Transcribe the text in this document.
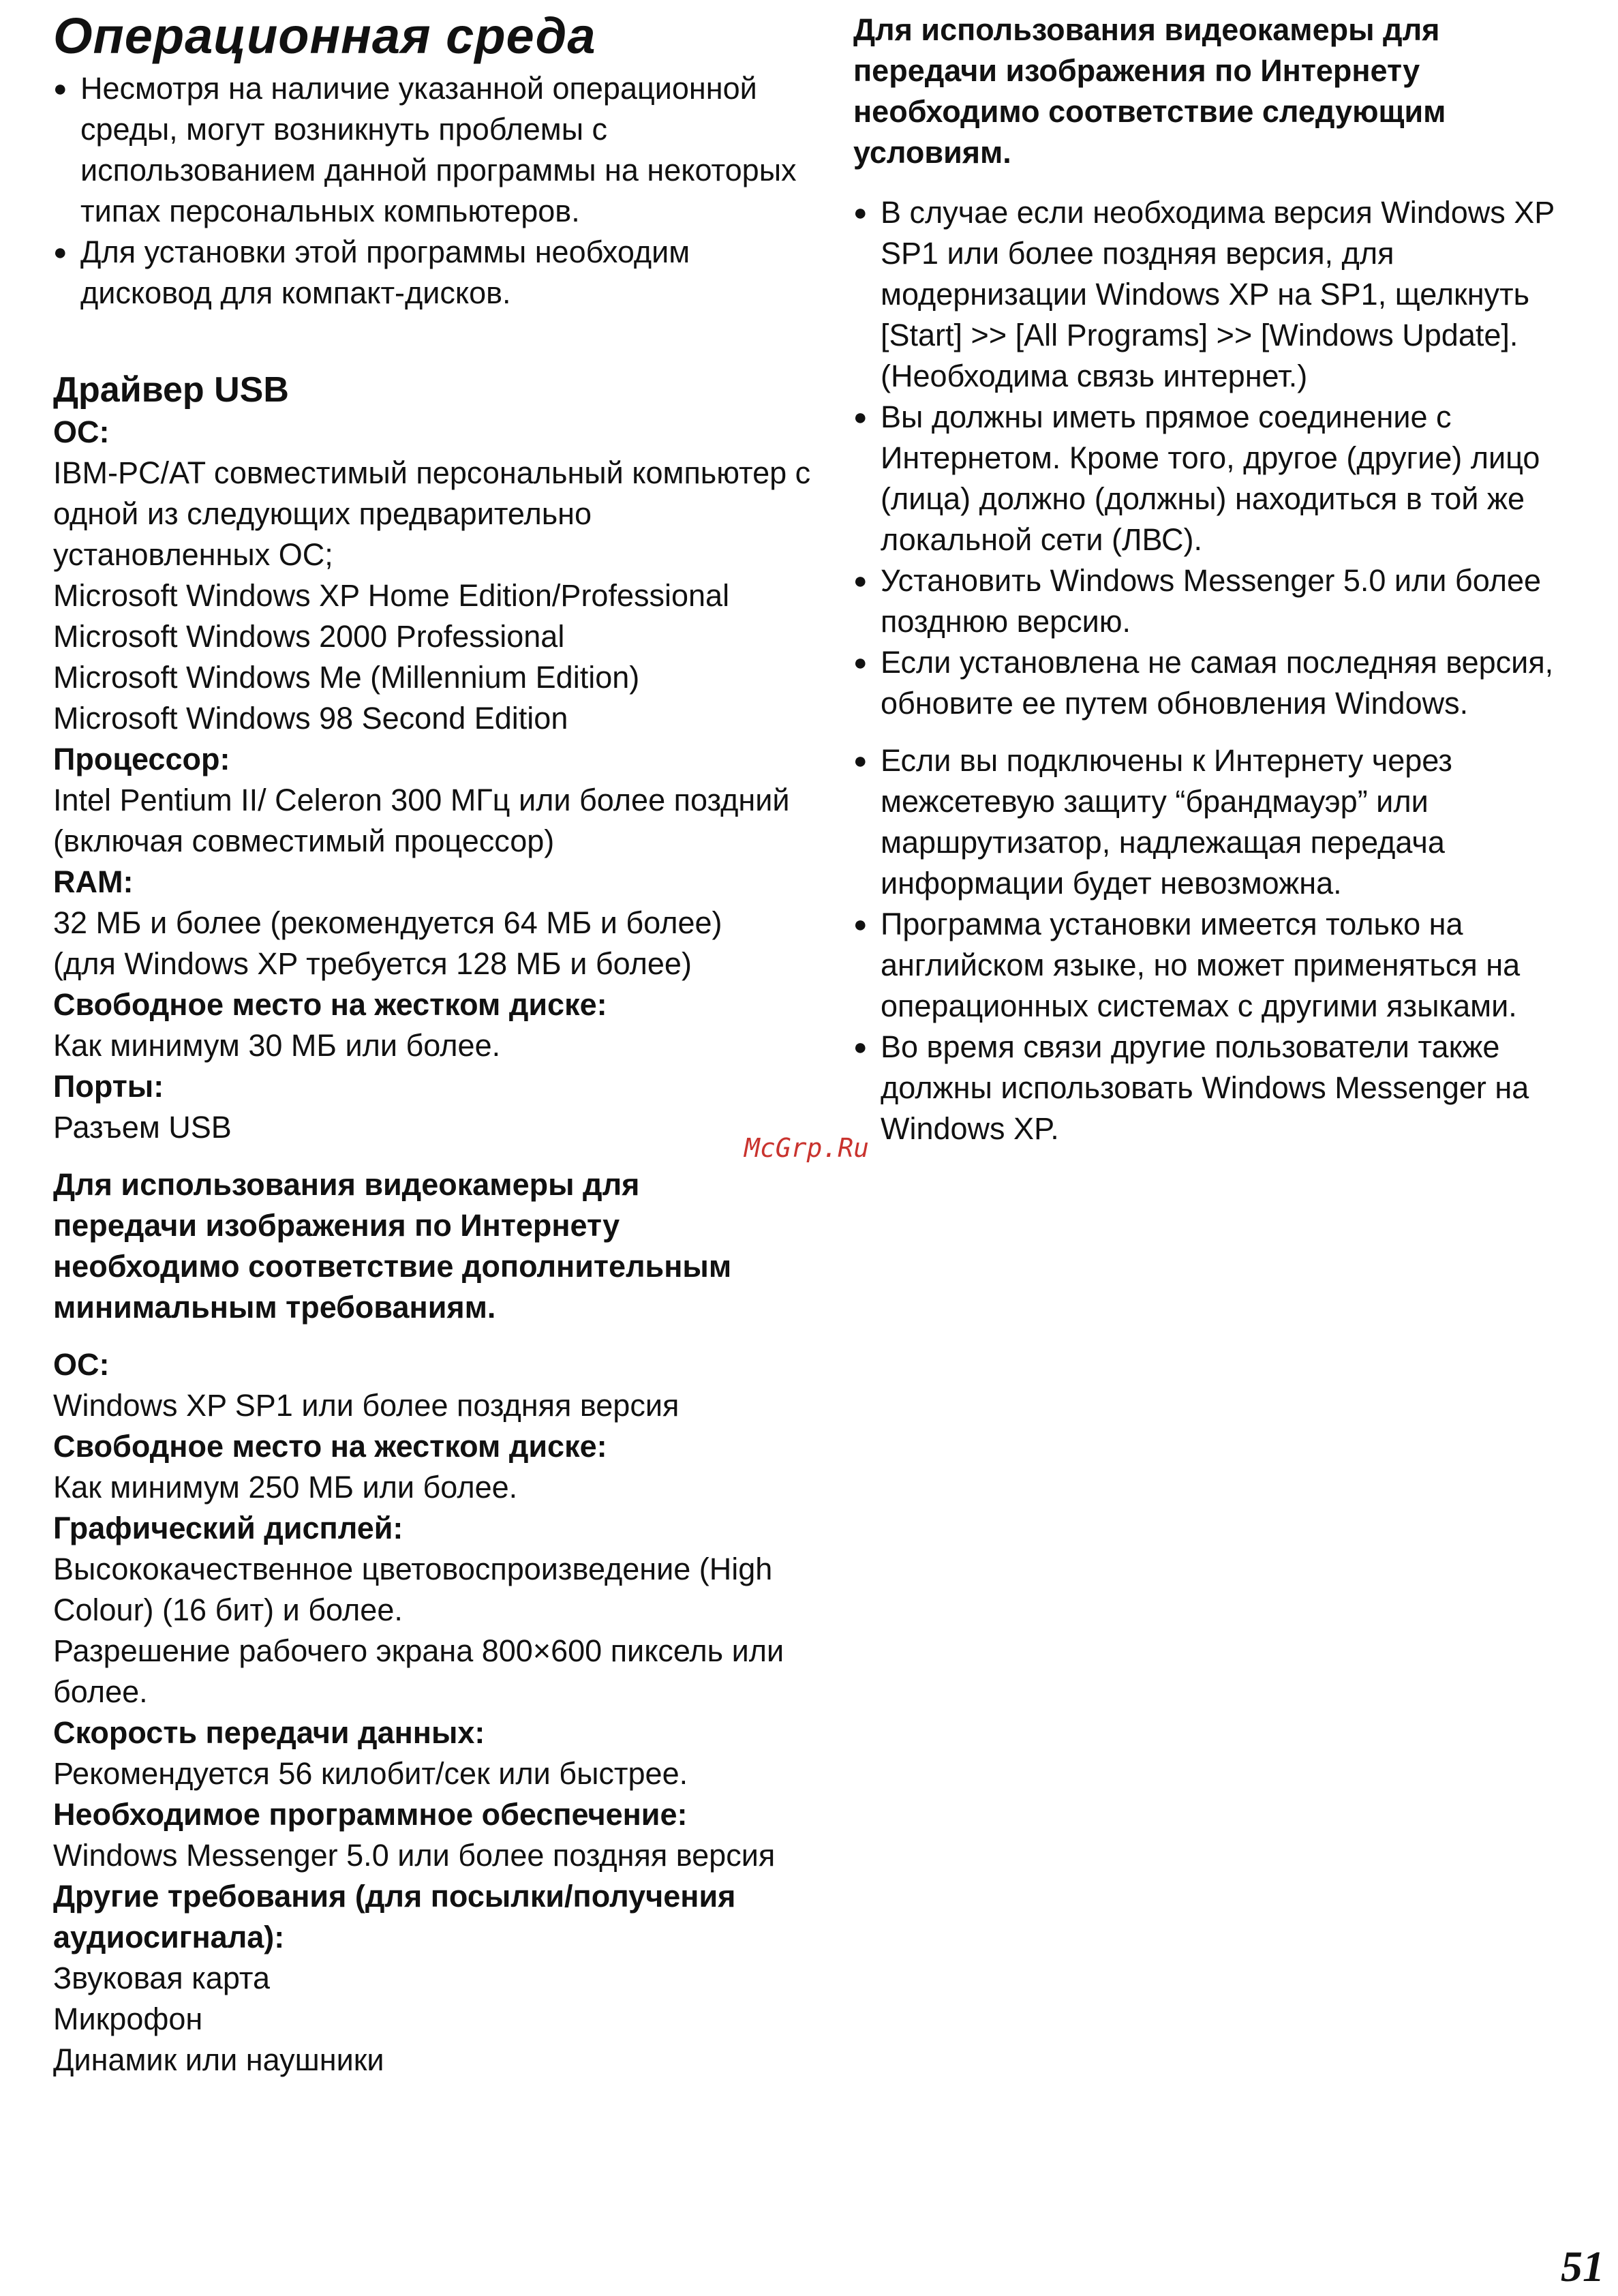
Операционная среда
● Несмотря на наличие указанной операционной среды, могут возникнуть проблемы с использованием данной программы на некоторых типах персональных компьютеров.
● Для установки этой программы необходим дисковод для компакт-дисков.
Драйвер USB

ОС:

IBM-PC/AT совместимый персональный компьютер с одной из следующих предварительно установленных ОС;
Microsoft Windows XP Home Edition/Professional
Microsoft Windows 2000 Professional
Microsoft Windows Me (Millennium Edition)
Microsoft Windows 98 Second Edition

Процессор:

Intel Pentium II/ Celeron 300 МГц или более поздний (включая совместимый процессор)

RAM:

32 МБ и более (рекомендуется 64 МБ и более)
(для Windows XP требуется 128 МБ и более)

Свободное место на жестком диске:

Как минимум 30 МБ или более.

Порты:

Разъем USB

Для использования видеокамеры для
передачи изображения по Интернету
необходимо соответствие дополнительным
минимальным требованиям.

ОС:

Windows XP SP1 или более поздняя версия

Свободное место на жестком диске:

Как минимум 250 МБ или более.

Графический дисплей:

Высококачественное цветовоспроизведение (High Colour) (16 бит) и более.
Разрешение рабочего экрана 800×600 пиксель или более.

Скорость передачи данных:

Рекомендуется 56 килобит/сек или быстрее.

Необходимое программное обеспечение:

Windows Messenger 5.0 или более поздняя версия

Другие требования (для посылки/получения аудиосигнала):

Звуковая карта
Микрофон
Динамик или наушники

Для использования видеокамеры для
передачи изображения по Интернету
необходимо соответствие следующим
условиям.

● В случае если необходима версия Windows XP SP1 или более поздняя версия, для модернизации Windows XP на SP1, щелкнуть [Start] >> [All Programs] >> [Windows Update]. (Необходима связь интернет.)
● Вы должны иметь прямое соединение с Интернетом. Кроме того, другое (другие) лицо (лица) должно (должны) находиться в той же локальной сети (ЛВС).
● Установить Windows Messenger 5.0 или более позднюю версию.
● Если установлена не самая последняя версия, обновите ее путем обновления Windows.
● Если вы подключены к Интернету через межсетевую защиту “брандмауэр” или маршрутизатор, надлежащая передача информации будет невозможна.
● Программа установки имеется только на английском языке, но может применяться на операционных системах с другими языками.
● Во время связи другие пользователи также должны использовать Windows Messenger на Windows XP.
McGrp.Ru
51
